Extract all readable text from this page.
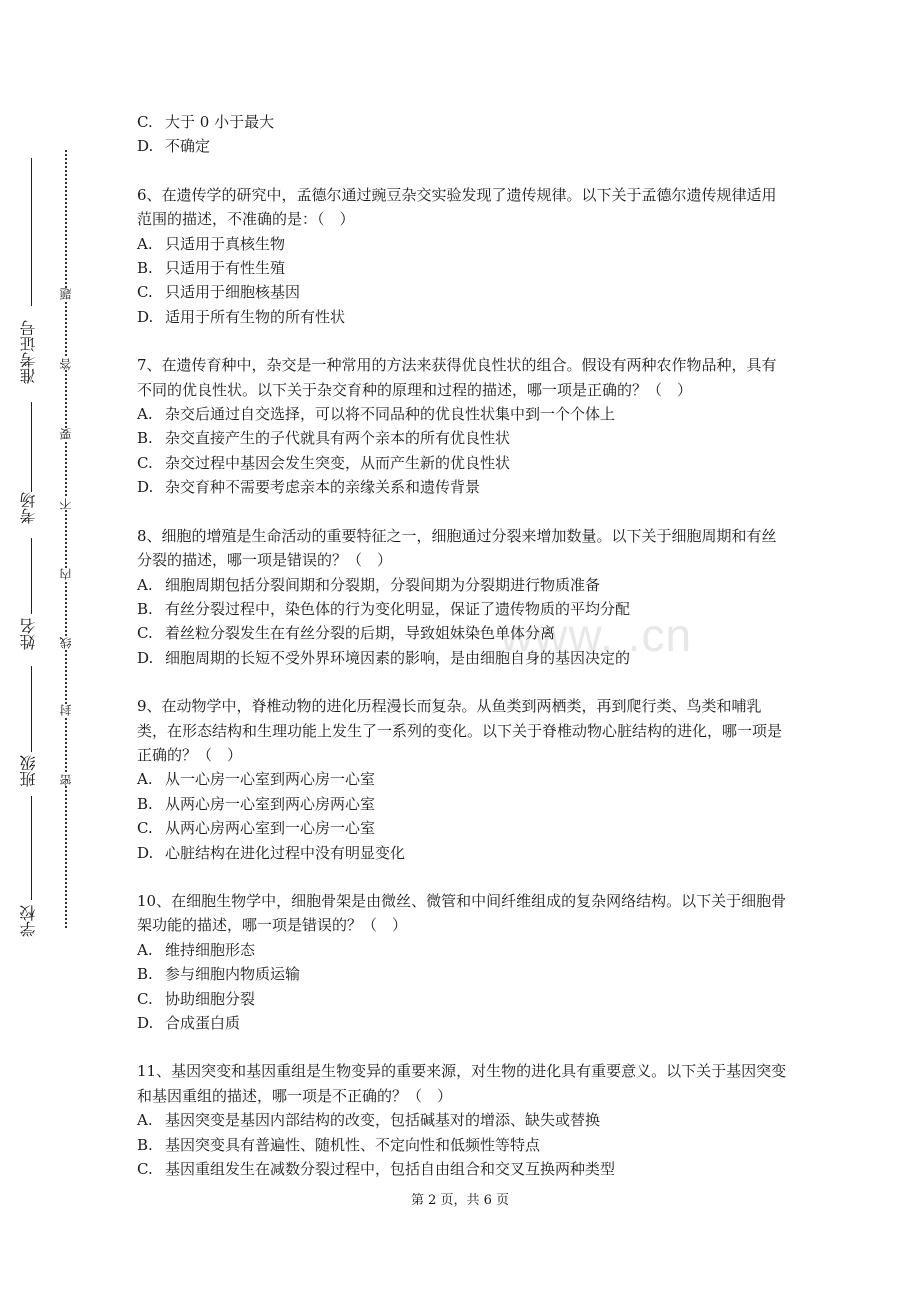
准考证号
考场
姓名
班级
学校
密
封
线
内
不
要
答
题
www. .cn

C. 大于 0 小于最大

D. 不确定

6、在遗传学的研究中，孟德尔通过豌豆杂交实验发现了遗传规律。以下关于孟德尔遗传规律适用范围的描述，不准确的是：（　）

A. 只适用于真核生物

B. 只适用于有性生殖

C. 只适用于细胞核基因

D. 适用于所有生物的所有性状

7、在遗传育种中，杂交是一种常用的方法来获得优良性状的组合。假设有两种农作物品种，具有不同的优良性状。以下关于杂交育种的原理和过程的描述，哪一项是正确的？（　）

A. 杂交后通过自交选择，可以将不同品种的优良性状集中到一个个体上

B. 杂交直接产生的子代就具有两个亲本的所有优良性状

C. 杂交过程中基因会发生突变，从而产生新的优良性状

D. 杂交育种不需要考虑亲本的亲缘关系和遗传背景

8、细胞的增殖是生命活动的重要特征之一，细胞通过分裂来增加数量。以下关于细胞周期和有丝分裂的描述，哪一项是错误的？（　）

A. 细胞周期包括分裂间期和分裂期，分裂间期为分裂期进行物质准备

B. 有丝分裂过程中，染色体的行为变化明显，保证了遗传物质的平均分配

C. 着丝粒分裂发生在有丝分裂的后期，导致姐妹染色单体分离

D. 细胞周期的长短不受外界环境因素的影响，是由细胞自身的基因决定的

9、在动物学中，脊椎动物的进化历程漫长而复杂。从鱼类到两栖类，再到爬行类、鸟类和哺乳类，在形态结构和生理功能上发生了一系列的变化。以下关于脊椎动物心脏结构的进化，哪一项是正确的？（　）

A. 从一心房一心室到两心房一心室

B. 从两心房一心室到两心房两心室

C. 从两心房两心室到一心房一心室

D. 心脏结构在进化过程中没有明显变化

10、在细胞生物学中，细胞骨架是由微丝、微管和中间纤维组成的复杂网络结构。以下关于细胞骨架功能的描述，哪一项是错误的？（　）

A. 维持细胞形态

B. 参与细胞内物质运输

C. 协助细胞分裂

D. 合成蛋白质

11、基因突变和基因重组是生物变异的重要来源，对生物的进化具有重要意义。以下关于基因突变和基因重组的描述，哪一项是不正确的？（　）

A. 基因突变是基因内部结构的改变，包括碱基对的增添、缺失或替换

B. 基因突变具有普遍性、随机性、不定向性和低频性等特点

C. 基因重组发生在减数分裂过程中，包括自由组合和交叉互换两种类型

第 2 页，共 6 页
